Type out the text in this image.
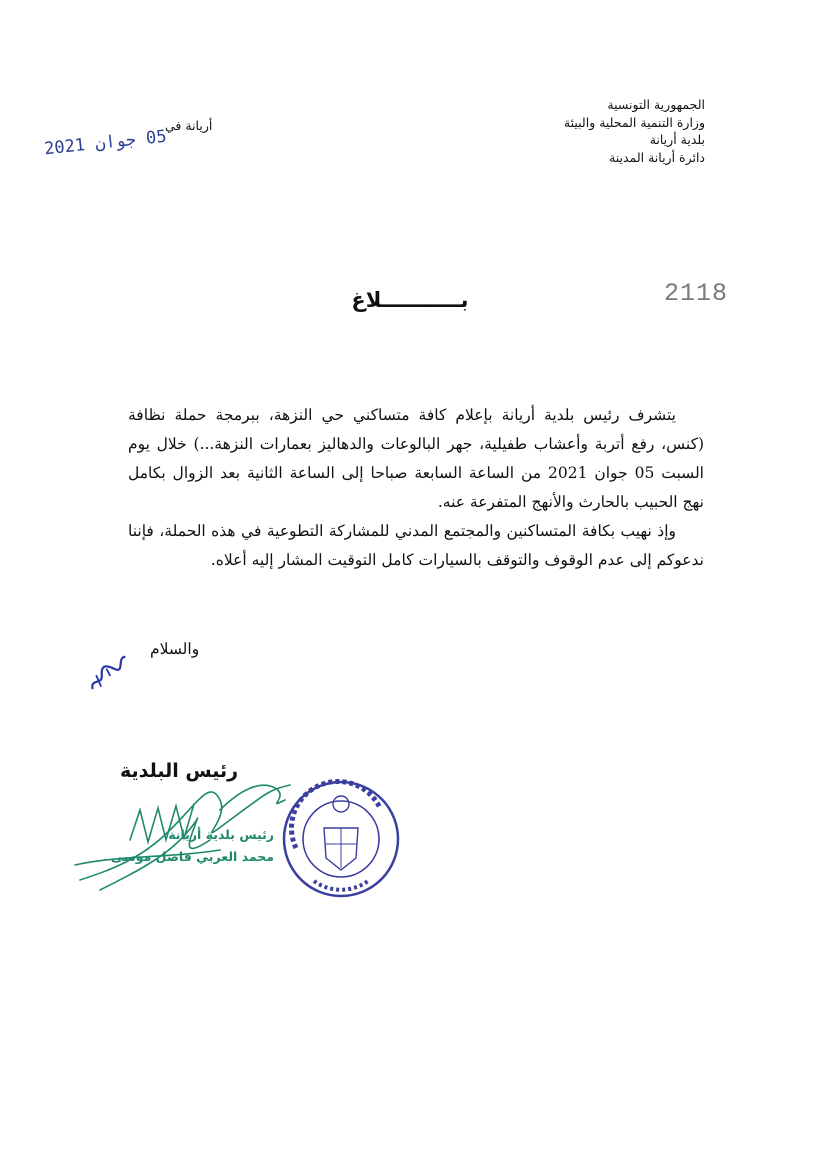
الجمهورية التونسية
وزارة التنمية المحلية والبيئة
بلدية أريانة
دائرة أريانة المدينة
أريانة في
05 جوان 2021
2118
بـــــــــــلاغ

يتشرف رئيس بلدية أريانة بإعلام كافة متساكني حي النزهة، ببرمجة حملة نظافة (كنس، رفع أتربة وأعشاب طفيلية، جهر البالوعات والدهاليز بعمارات النزهة...) خلال يوم السبت 05 جوان 2021 من الساعة السابعة صباحا إلى الساعة الثانية بعد الزوال بكامل نهج الحبيب بالحارث والأنهج المتفرعة عنه.

وإذ نهيب بكافة المتساكنين والمجتمع المدني للمشاركة التطوعية في هذه الحملة، فإننا ندعوكم إلى عدم الوقوف والتوقف بالسيارات كامل التوقيت المشار إليه أعلاه.

والسلام
رئيس البلدية
رئيس بلدية أريانة
محمد العربي فاضل موسى
